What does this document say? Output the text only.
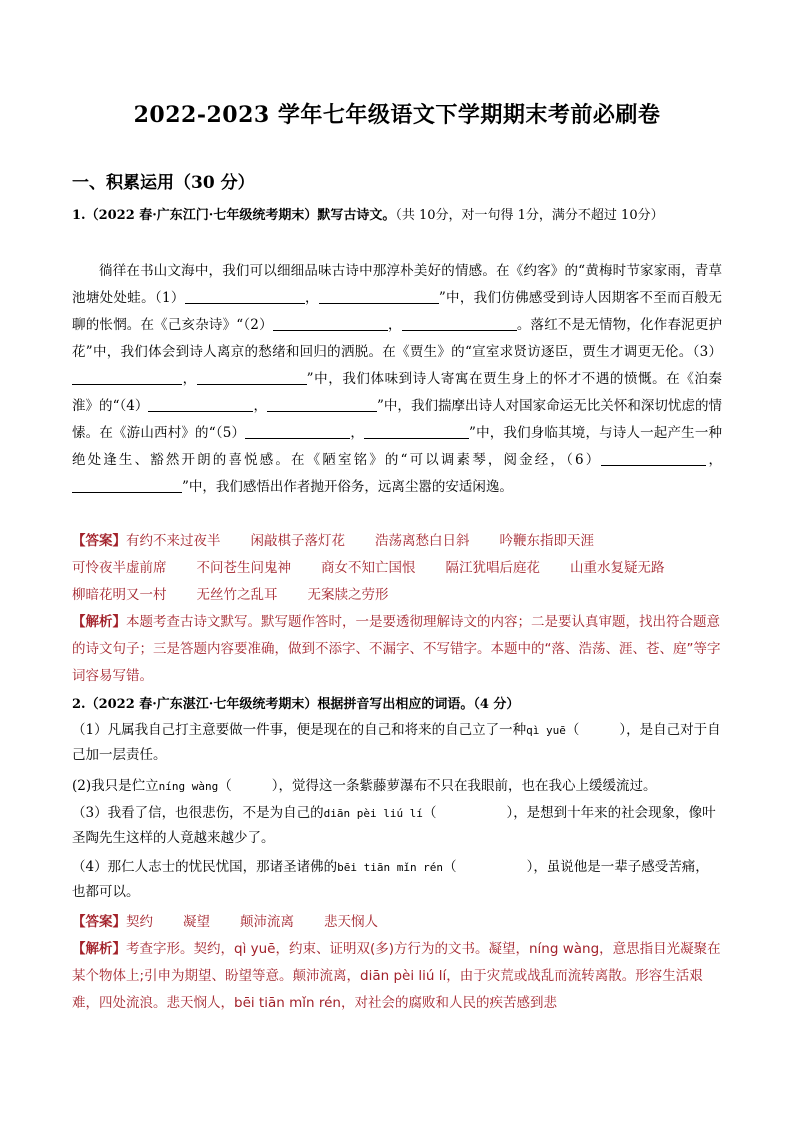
2022-2023 学年七年级语文下学期期末考前必刷卷
一、积累运用（30 分）
1.（2022 春·广东江门·七年级统考期末）默写古诗文。（共 10分，对一句得 1分，满分不超过 10分）
徜徉在书山文海中，我们可以细细品味古诗中那淳朴美好的情感。在《约客》的“黄梅时节家家雨，青草池塘处处蛙。（1）	，	”中，我们仿佛感受到诗人因期客不至而百般无聊的怅惘。在《己亥杂诗》“（2）	，	。落红不是无情物，化作春泥更护花”中，我们体会到诗人离京的愁绪和回归的洒脱。在《贾生》的“宣室求贤访逐臣，贾生才调更无伦。（3），	”中，我们体味到诗人寄寓在贾生身上的怀才不遇的愤慨。在《泊秦淮》的“（4）	，	”中，我们揣摩出诗人对国家命运无比关怀和深切忧虑的情愫。在《游山西村》的“（5）	，	”中，我们身临其境，与诗人一起产生一种绝处逢生、豁然开朗的喜悦感。在《陋室铭》的“可以调素琴，阅金经，（6）	，”中，我们感悟出作者抛开俗务，远离尘嚣的安适闲逸。
【答案】有约不来过夜半 闲敲棋子落灯花 浩荡离愁白日斜 吟鞭东指即天涯可怜夜半虚前席 不问苍生问鬼神 商女不知亡国恨 隔江犹唱后庭花 山重水复疑无路柳暗花明又一村 无丝竹之乱耳 无案牍之劳形
【解析】本题考查古诗文默写。默写题作答时，一是要透彻理解诗文的内容；二是要认真审题，找出符合题意的诗文句子；三是答题内容要准确，做到不添字、不漏字、不写错字。本题中的“落、浩荡、涯、苍、庭”等字词容易写错。
2.（2022 春·广东湛江·七年级统考期末）根据拼音写出相应的词语。（4 分）
（1）凡属我自己打主意要做一件事，便是现在的自己和将来的自己立了一种qì yuē（	），是自己对于自己加一层责任。
(2)我只是伫立níng wàng（	），觉得这一条紫藤萝瀑布不只在我眼前，也在我心上缓缓流过。
（3）我看了信，也很悲伤，不是为自己的diān pèi liú lí（	），是想到十年来的社会现象，像叶圣陶先生这样的人竟越来越少了。
（4）那仁人志士的忧民忧国，那诸圣诸佛的bēi tiān mǐn rén（	），虽说他是一辈子感受苦痛，也都可以。
【答案】契约 凝望 颠沛流离 悲天悯人
【解析】考查字形。契约，qì yuē，约束、证明双(多)方行为的文书。凝望，níng wàng，意思指目光凝聚在某个物体上;引申为期望、盼望等意。颠沛流离，diān pèi liú lí，由于灾荒或战乱而流转离散。形容生活艰难，四处流浪。悲天悯人，bēi tiān mǐn rén，对社会的腐败和人民的疾苦感到悲
